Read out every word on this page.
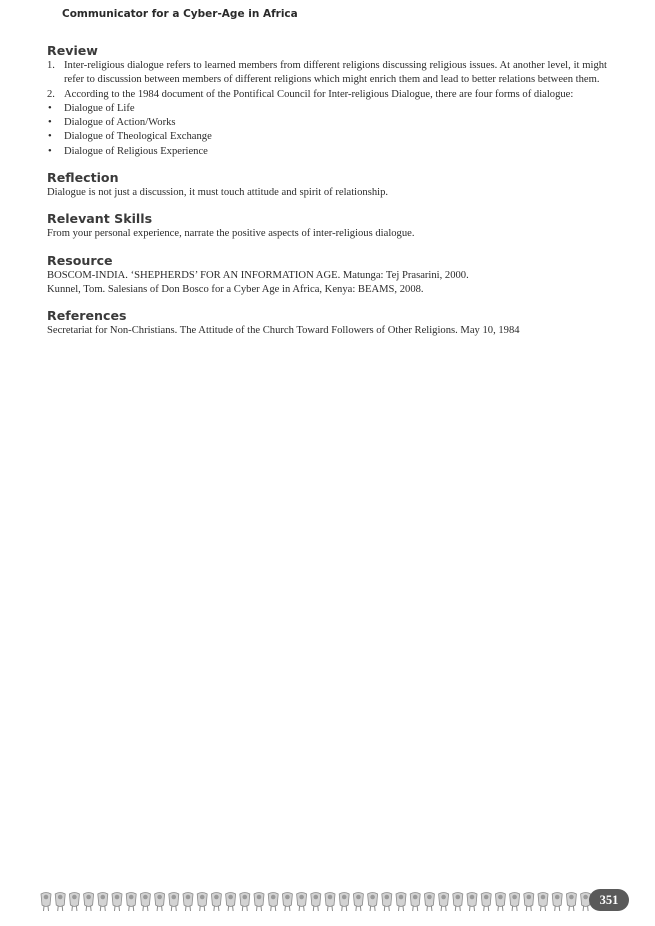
Communicator for a Cyber-Age in Africa
Review
1. Inter-religious dialogue refers to learned members from different religions discussing religious issues. At another level, it might refer to discussion between members of different religions which might enrich them and lead to better relations between them.
2. According to the 1984 document of the Pontifical Council for Inter-religious Dialogue, there are four forms of dialogue:
• Dialogue of Life
• Dialogue of Action/Works
• Dialogue of Theological Exchange
• Dialogue of Religious Experience
Reflection

Dialogue is not just a discussion, it must touch attitude and spirit of relationship.

Relevant Skills

From your personal experience, narrate the positive aspects of inter-religious dialogue.

Resource

BOSCOM-INDIA. ‘SHEPHERDS’ FOR AN INFORMATION AGE. Matunga: Tej Prasarini, 2000.

Kunnel, Tom. Salesians of Don Bosco for a Cyber Age in Africa, Kenya: BEAMS, 2008.

References

Secretariat for Non-Christians. The Attitude of the Church Toward Followers of Other Religions. May 10, 1984

351
